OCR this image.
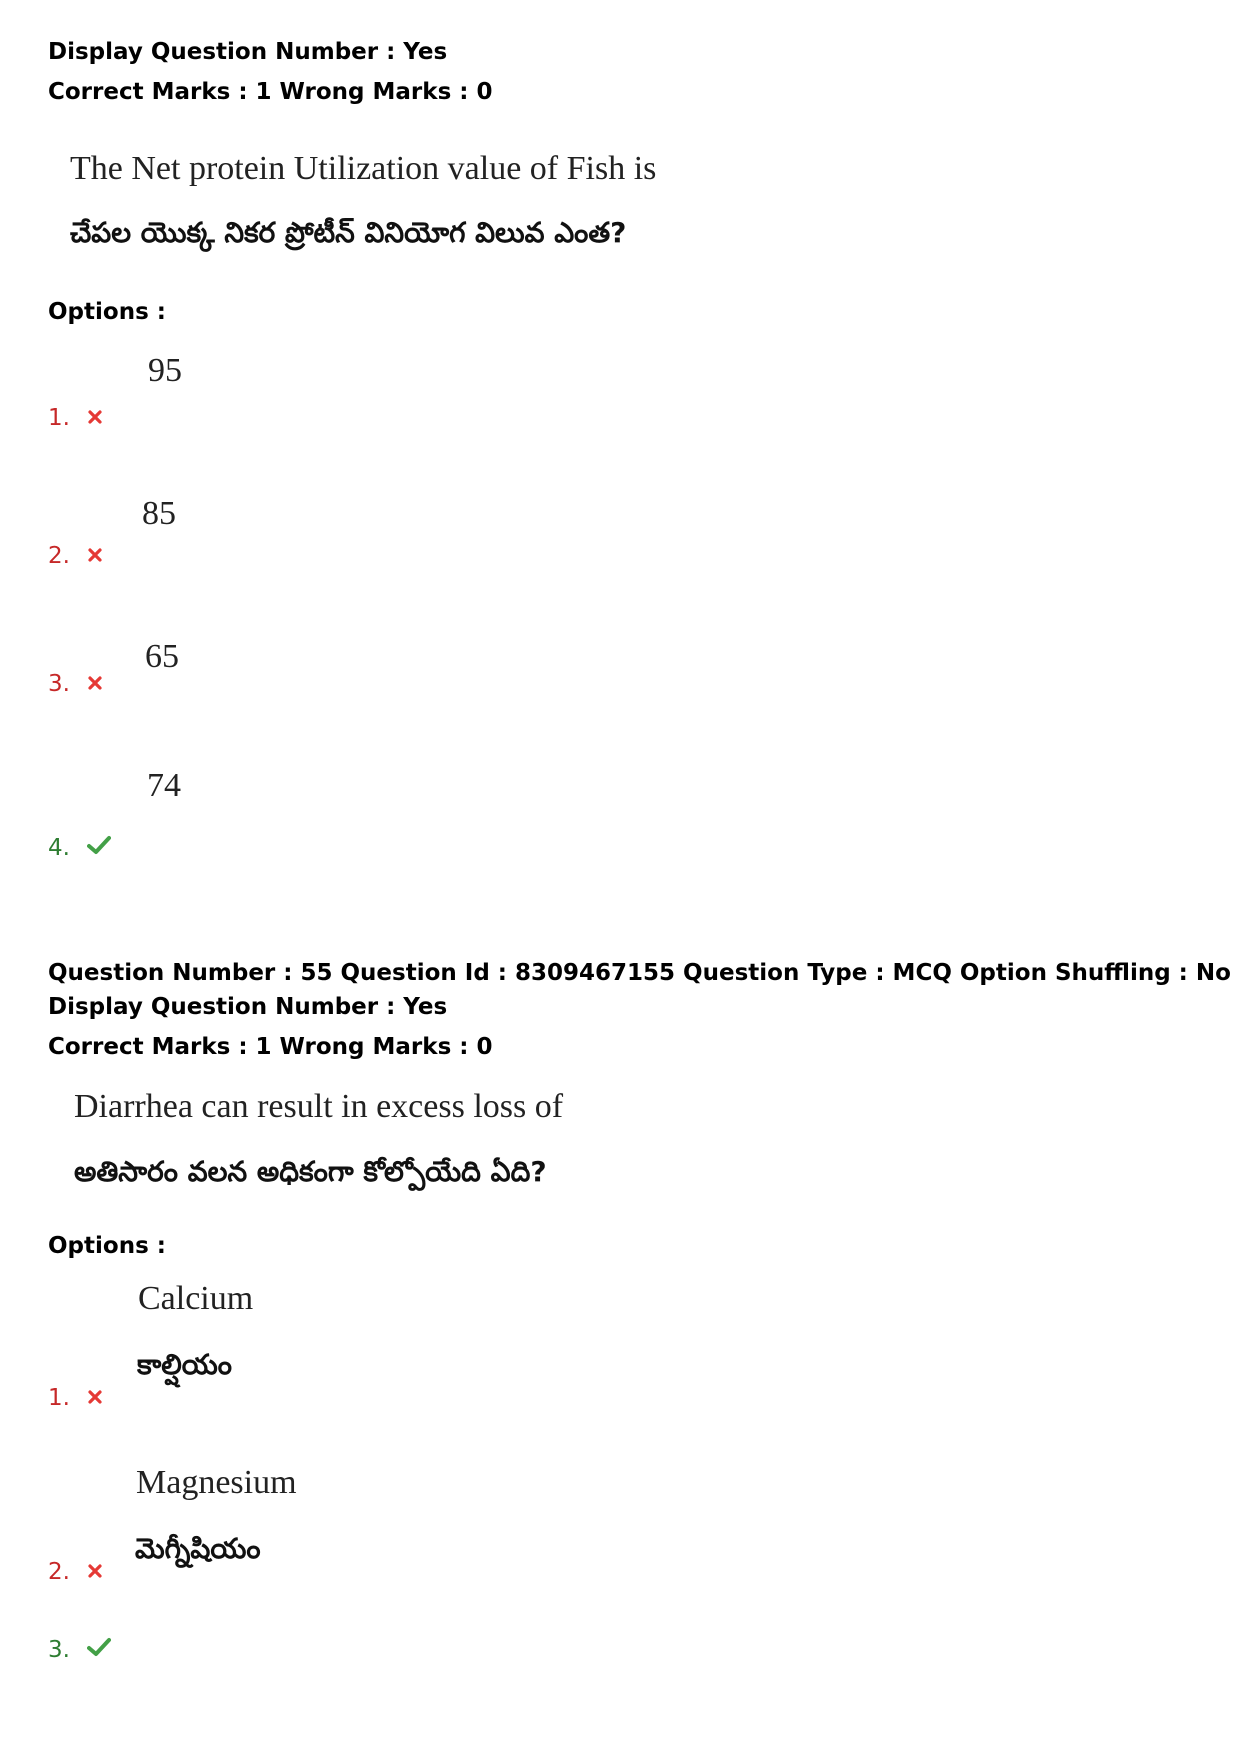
Display Question Number : Yes
Correct Marks : 1 Wrong Marks : 0
The Net protein Utilization value of Fish is
చేపల యొక్క నికర ప్రోటీన్ వినియోగ విలువ ఎంత?
Options :
95
1.
85
2.
65
3.
74
4.
Question Number : 55 Question Id : 8309467155 Question Type : MCQ Option Shuffling : No
Display Question Number : Yes
Correct Marks : 1 Wrong Marks : 0
Diarrhea can result in excess loss of
అతిసారం వలన అధికంగా కోల్పోయేది ఏది?
Options :
Calcium
కాల్షియం
1.
Magnesium
మెగ్నీషియం
2.
3.
